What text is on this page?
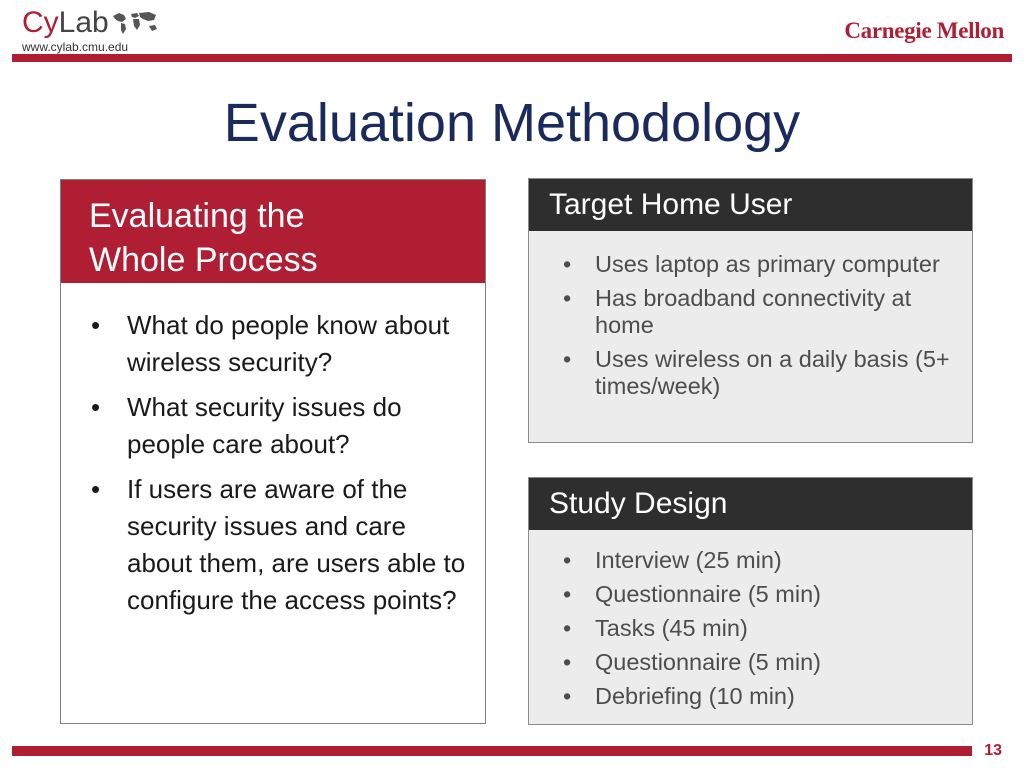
CyLab
www.cylab.cmu.edu
Carnegie Mellon
Evaluation Methodology
Evaluating the
Whole Process
• What do people know about wireless security?
• What security issues do people care about?
• If users are aware of the security issues and care about them, are users able to configure the access points?
Target Home User
• Uses laptop as primary computer
• Has broadband connectivity at home
• Uses wireless on a daily basis (5+ times/week)
Study Design
• Interview (25 min)
• Questionnaire (5 min)
• Tasks (45 min)
• Questionnaire (5 min)
• Debriefing (10 min)
13
